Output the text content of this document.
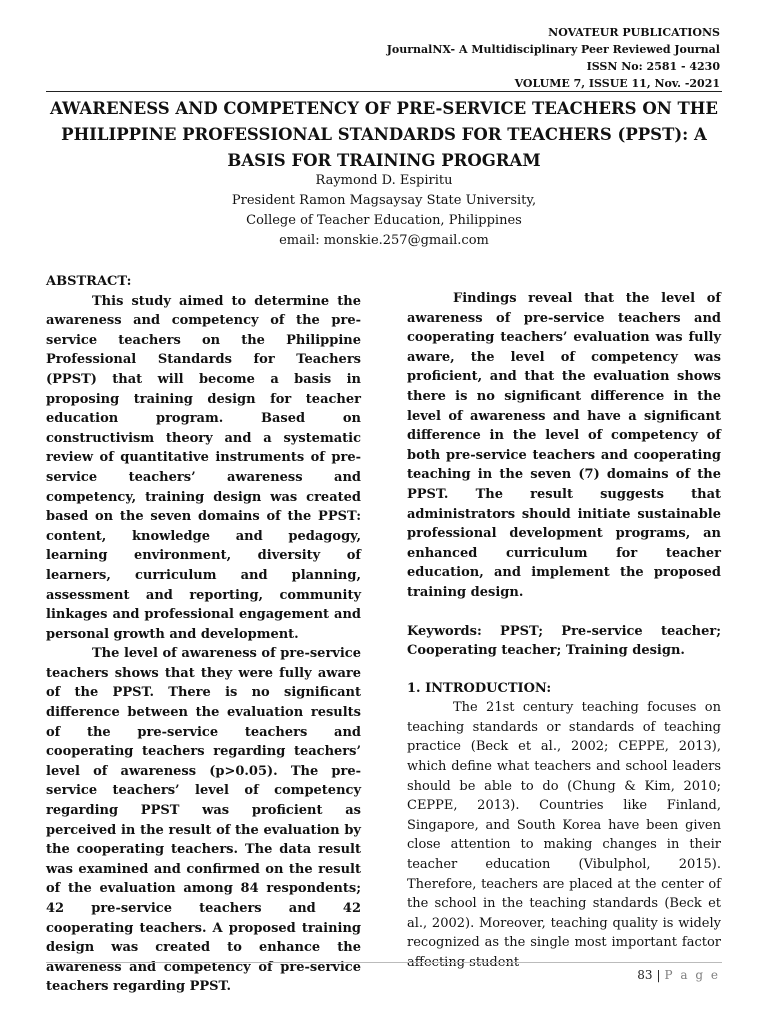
NOVATEUR PUBLICATIONS
JournalNX- A Multidisciplinary Peer Reviewed Journal
ISSN No: 2581 - 4230
VOLUME 7, ISSUE 11, Nov. -2021
AWARENESS AND COMPETENCY OF PRE-SERVICE TEACHERS ON THE PHILIPPINE PROFESSIONAL STANDARDS FOR TEACHERS (PPST): A BASIS FOR TRAINING PROGRAM
Raymond D. Espiritu
President Ramon Magsaysay State University,
College of Teacher Education, Philippines
email: monskie.257@gmail.com

ABSTRACT:

This study aimed to determine the awareness and competency of the pre-service teachers on the Philippine Professional Standards for Teachers (PPST) that will become a basis in proposing training design for teacher education program. Based on constructivism theory and a systematic review of quantitative instruments of pre-service teachers’ awareness and competency, training design was created based on the seven domains of the PPST: content, knowledge and pedagogy, learning environment, diversity of learners, curriculum and planning, assessment and reporting, community linkages and professional engagement and personal growth and development.

The level of awareness of pre-service teachers shows that they were fully aware of the PPST. There is no significant difference between the evaluation results of the pre-service teachers and cooperating teachers regarding teachers’ level of awareness (p>0.05). The pre-service teachers’ level of competency regarding PPST was proficient as perceived in the result of the evaluation by the cooperating teachers. The data result was examined and confirmed on the result of the evaluation among 84 respondents; 42 pre-service teachers and 42 cooperating teachers. A proposed training design was created to enhance the awareness and competency of pre-service teachers regarding PPST.

Findings reveal that the level of awareness of pre-service teachers and cooperating teachers’ evaluation was fully aware, the level of competency was proficient, and that the evaluation shows there is no significant difference in the level of awareness and have a significant difference in the level of competency of both pre-service teachers and cooperating teaching in the seven (7) domains of the PPST. The result suggests that administrators should initiate sustainable professional development programs, an enhanced curriculum for teacher education, and implement the proposed training design.

Keywords: PPST; Pre-service teacher; Cooperating teacher; Training design.

1. INTRODUCTION:

The 21st century teaching focuses on teaching standards or standards of teaching practice (Beck et al., 2002; CEPPE, 2013), which define what teachers and school leaders should be able to do (Chung & Kim, 2010; CEPPE, 2013). Countries like Finland, Singapore, and South Korea have been given close attention to making changes in their teacher education (Vibulphol, 2015). Therefore, teachers are placed at the center of the school in the teaching standards (Beck et al., 2002). Moreover, teaching quality is widely recognized as the single most important factor affecting student

83 | P a g e
